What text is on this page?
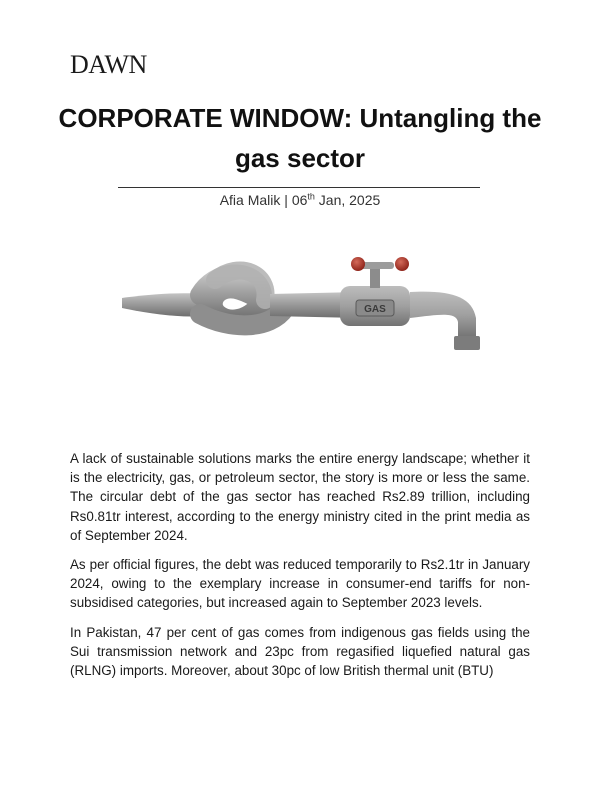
DAWN
CORPORATE WINDOW: Untangling the gas sector
Afia Malik | 06th Jan, 2025
GAS

A lack of sustainable solutions marks the entire energy landscape; whether it is the electricity, gas, or petroleum sector, the story is more or less the same. The circular debt of the gas sector has reached Rs2.89 trillion, including Rs0.81tr interest, according to the energy ministry cited in the print media as of September 2024.

As per official figures, the debt was reduced temporarily to Rs2.1tr in January 2024, owing to the exemplary increase in consumer-end tariffs for non-subsidised categories, but increased again to September 2023 levels.

In Pakistan, 47 per cent of gas comes from indigenous gas fields using the Sui transmission network and 23pc from regasified liquefied natural gas (RLNG) imports. Moreover, about 30pc of low British thermal unit (BTU)
